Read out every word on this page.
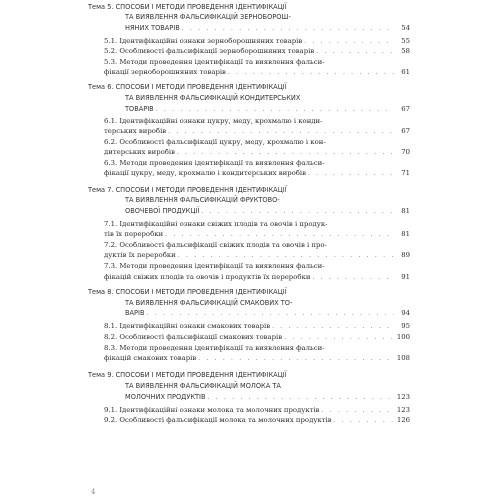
Тема 5. СПОСОБИ І МЕТОДИ ПРОВЕДЕННЯ ІДЕНТИФІКАЦІЇ
ТА ВИЯВЛЕННЯ ФАЛЬСИФІКАЦІЙ ЗЕРНОБОРОШ-
НЯНИХ ТОВАРІВ . . .	54
5.1. Ідентифікаційні ознаки зерноборошняних товарів . . .	55
5.2. Особливості фальсифікації зерноборошняних товарів . . .	58
5.3. Методи проведення ідентифікації та виявлення фальси-
фікації зерноборошняних товарів . . .	61
Тема 6. СПОСОБИ І МЕТОДИ ПРОВЕДЕННЯ ІДЕНТИФІКАЦІЇ
ТА ВИЯВЛЕННЯ ФАЛЬСИФІКАЦІЙ КОНДИТЕРСЬКИХ
ТОВАРІВ . . .	67
6.1. Ідентифікаційні ознаки цукру, меду, крохмалю і конди-
терських виробів . . .	67
6.2. Особливості фальсифікації цукру, меду, крохмалю і кон-
дитерських виробів . . .	70
6.3. Методи проведення ідентифікації та виявлення фальси-
фікації цукру, меду, крохмалю і кондитерських виробів . . .	71
Тема 7. СПОСОБИ І МЕТОДИ ПРОВЕДЕННЯ ІДЕНТИФІКАЦІЇ
ТА ВИЯВЛЕННЯ ФАЛЬСИФІКАЦІЙ ФРУКТОВО-
ОВОЧЕВОЇ ПРОДУКЦІЇ . . .	81
7.1. Ідентифікаційні ознаки свіжих плодів та овочів і продук-
тів їх переробки . . .	81
7.2. Особливості фальсифікації свіжих плодів та овочів і про-
дуктів їх переробки . . .	89
7.3. Методи проведення ідентифікації та виявлення фальси-
фікацій свіжих плодів та овочів і продуктів їх переробки . . .	91
Тема 8. СПОСОБИ І МЕТОДИ ПРОВЕДЕННЯ ІДЕНТИФІКАЦІЇ
ТА ВИЯВЛЕННЯ ФАЛЬСИФІКАЦІЙ СМАКОВИХ ТО-
ВАРІВ . . .	94
8.1. Ідентифікаційні ознаки смакових товарів . . .	95
8.2. Особливості фальсифікації смакових товарів . . .	100
8.3. Методи проведення ідентифікації та виявлення фальси-
фікацій смакових товарів . . .	108
Тема 9. СПОСОБИ І МЕТОДИ ПРОВЕДЕННЯ ІДЕНТИФІКАЦІЇ
ТА ВИЯВЛЕННЯ ФАЛЬСИФІКАЦІЙ МОЛОКА ТА
МОЛОЧНИХ ПРОДУКТІВ . . .	123
9.1. Ідентифікаційні ознаки молока та молочних продуктів . . .	123
9.2. Особливості фальсифікації молока та молочних продуктів . . .	126
4
